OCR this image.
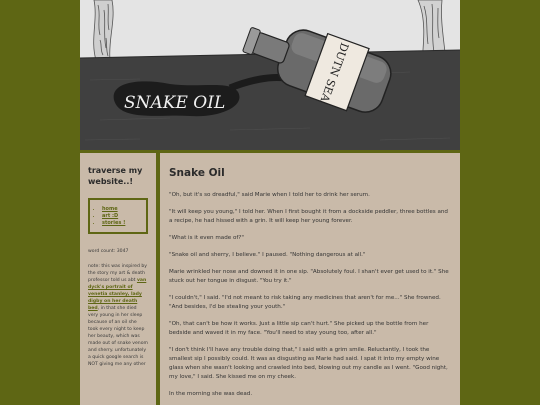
SNAKE OIL	DUTN SEA
traverse my website..!
• home
• art :D
• stories !

word count: 3047

note: this was inspired by the story my art & death professor told us abt van dyck's portrait of venetia stanley, lady digby on her death bed, in that she died very young in her sleep because of an oil she took every night to keep her beauty, which was made out of snake venom and sherry. unfortunately a quick google search is NOT giving me any other

Snake Oil

"Oh, but it's so dreadful," said Marie when I told her to drink her serum.

"It will keep you young," I told her. When I first bought it from a dockside peddler, three bottles and a recipe, he had hissed with a grin. It will keep her young forever.

"What is it even made of?"

"Snake oil and sherry, I believe." I paused. "Nothing dangerous at all."

Marie wrinkled her nose and downed it in one sip. "Absolutely foul. I shan't ever get used to it." She stuck out her tongue in disgust. "You try it."

"I couldn't," I said. "I'd not meant to risk taking any medicines that aren't for me..." She frowned. "And besides, I'd be stealing your youth."

"Oh, that can't be how it works. Just a little sip can't hurt." She picked up the bottle from her bedside and waved it in my face. "You'll need to stay young too, after all."

"I don't think I'll have any trouble doing that," I said with a grim smile. Reluctantly, I took the smallest sip I possibly could. It was as disgusting as Marie had said. I spat it into my empty wine glass when she wasn't looking and crawled into bed, blowing out my candle as I went. "Good night, my love," I said. She kissed me on my cheek.

In the morning she was dead.
